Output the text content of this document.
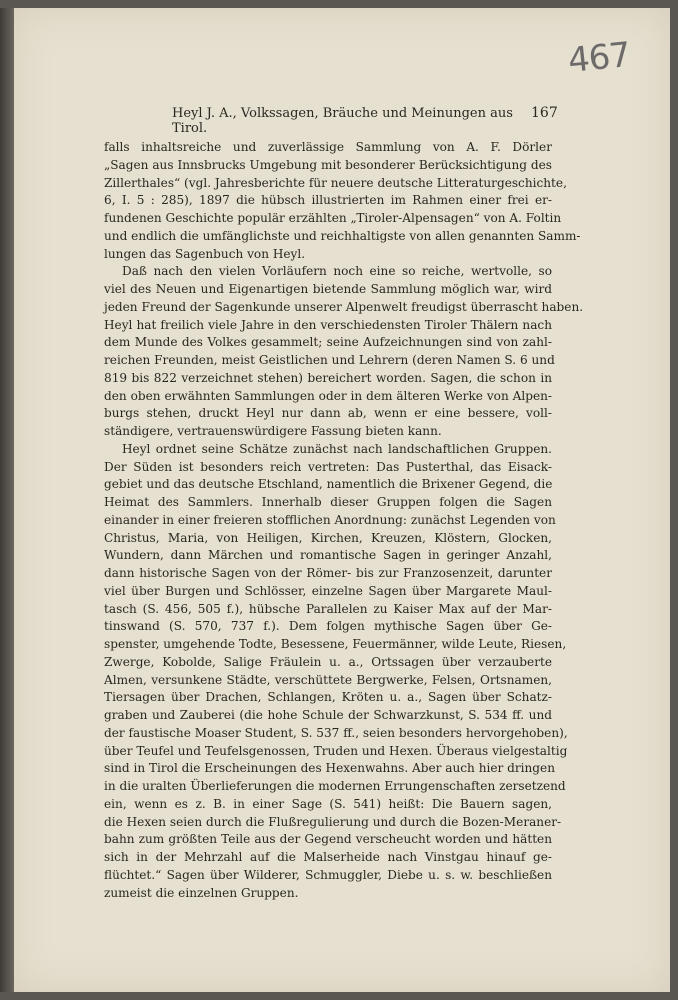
467
Heyl J. A., Volkssagen, Bräuche und Meinungen aus Tirol.
167
falls inhaltsreiche und zuverlässige Sammlung von A. F. Dörler
„Sagen aus Innsbrucks Umgebung mit besonderer Berücksichtigung des
Zillerthales“ (vgl. Jahresberichte für neuere deutsche Litteraturgeschichte,
6, I. 5 : 285), 1897 die hübsch illustrierten im Rahmen einer frei er-
fundenen Geschichte populär erzählten „Tiroler-Alpensagen“ von A. Foltin
und endlich die umfänglichste und reichhaltigste von allen genannten Samm-
lungen das Sagenbuch von Heyl.
Daß nach den vielen Vorläufern noch eine so reiche, wertvolle, so
viel des Neuen und Eigenartigen bietende Sammlung möglich war, wird
jeden Freund der Sagenkunde unserer Alpenwelt freudigst überrascht haben.
Heyl hat freilich viele Jahre in den verschiedensten Tiroler Thälern nach
dem Munde des Volkes gesammelt; seine Aufzeichnungen sind von zahl-
reichen Freunden, meist Geistlichen und Lehrern (deren Namen S. 6 und
819 bis 822 verzeichnet stehen) bereichert worden. Sagen, die schon in
den oben erwähnten Sammlungen oder in dem älteren Werke von Alpen-
burgs stehen, druckt Heyl nur dann ab, wenn er eine bessere, voll-
ständigere, vertrauenswürdigere Fassung bieten kann.
Heyl ordnet seine Schätze zunächst nach landschaftlichen Gruppen.
Der Süden ist besonders reich vertreten: Das Pusterthal, das Eisack-
gebiet und das deutsche Etschland, namentlich die Brixener Gegend, die
Heimat des Sammlers. Innerhalb dieser Gruppen folgen die Sagen
einander in einer freieren stofflichen Anordnung: zunächst Legenden von
Christus, Maria, von Heiligen, Kirchen, Kreuzen, Klöstern, Glocken,
Wundern, dann Märchen und romantische Sagen in geringer Anzahl,
dann historische Sagen von der Römer- bis zur Franzosenzeit, darunter
viel über Burgen und Schlösser, einzelne Sagen über Margarete Maul-
tasch (S. 456, 505 f.), hübsche Parallelen zu Kaiser Max auf der Mar-
tinswand (S. 570, 737 f.). Dem folgen mythische Sagen über Ge-
spenster, umgehende Todte, Besessene, Feuermänner, wilde Leute, Riesen,
Zwerge, Kobolde, Salige Fräulein u. a., Ortssagen über verzauberte
Almen, versunkene Städte, verschüttete Bergwerke, Felsen, Ortsnamen,
Tiersagen über Drachen, Schlangen, Kröten u. a., Sagen über Schatz-
graben und Zauberei (die hohe Schule der Schwarzkunst, S. 534 ff. und
der faustische Moaser Student, S. 537 ff., seien besonders hervorgehoben),
über Teufel und Teufelsgenossen, Truden und Hexen. Überaus vielgestaltig
sind in Tirol die Erscheinungen des Hexenwahns. Aber auch hier dringen
in die uralten Überlieferungen die modernen Errungenschaften zersetzend
ein, wenn es z. B. in einer Sage (S. 541) heißt: Die Bauern sagen,
die Hexen seien durch die Flußregulierung und durch die Bozen-Meraner-
bahn zum größten Teile aus der Gegend verscheucht worden und hätten
sich in der Mehrzahl auf die Malserheide nach Vinstgau hinauf ge-
flüchtet.“ Sagen über Wilderer, Schmuggler, Diebe u. s. w. beschließen
zumeist die einzelnen Gruppen.
